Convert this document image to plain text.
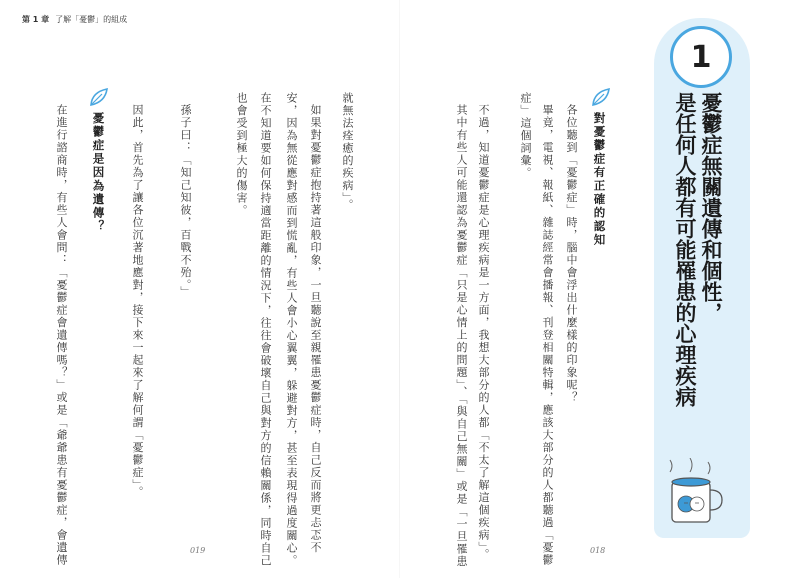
第 1 章 了解「憂鬱」的組成
1
憂鬱症無關遺傳和個性，
是任何人都有可能罹患的心理疾病
對憂鬱症有正確的認知
各位聽到「憂鬱症」時，腦中會浮出什麼樣的印象呢？
畢竟，電視、報紙、雜誌經常會播報、刊登相關特輯，應該大部分的人都聽過「憂鬱
症」這個詞彙。
不過，知道憂鬱症是心理疾病是一方面，我想大部分的人都「不太了解這個疾病」。
其中有些人可能還認為憂鬱症「只是心情上的問題」、「與自己無關」或是「一旦罹患	018
就無法痊癒的疾病」。
如果對憂鬱症抱持著這般印象，一旦聽說至親罹患憂鬱症時，自己反而將更忐忑不
安，因為無從應對感而到慌亂，有些人會小心翼翼，躲避對方，甚至表現得過度關心。
在不知道要如何保持適當距離的情況下，往往會破壞自己與對方的信賴關係，同時自己
也會受到極大的傷害。
孫子曰：「知己知彼，百戰不殆。」
因此，首先為了讓各位沉著地應對，接下來一起來了解何謂「憂鬱症」。
憂鬱症是因為遺傳？
在進行諮商時，有些人會問：「憂鬱症會遺傳嗎？」或是「爺爺患有憂鬱症，會遺傳	019
